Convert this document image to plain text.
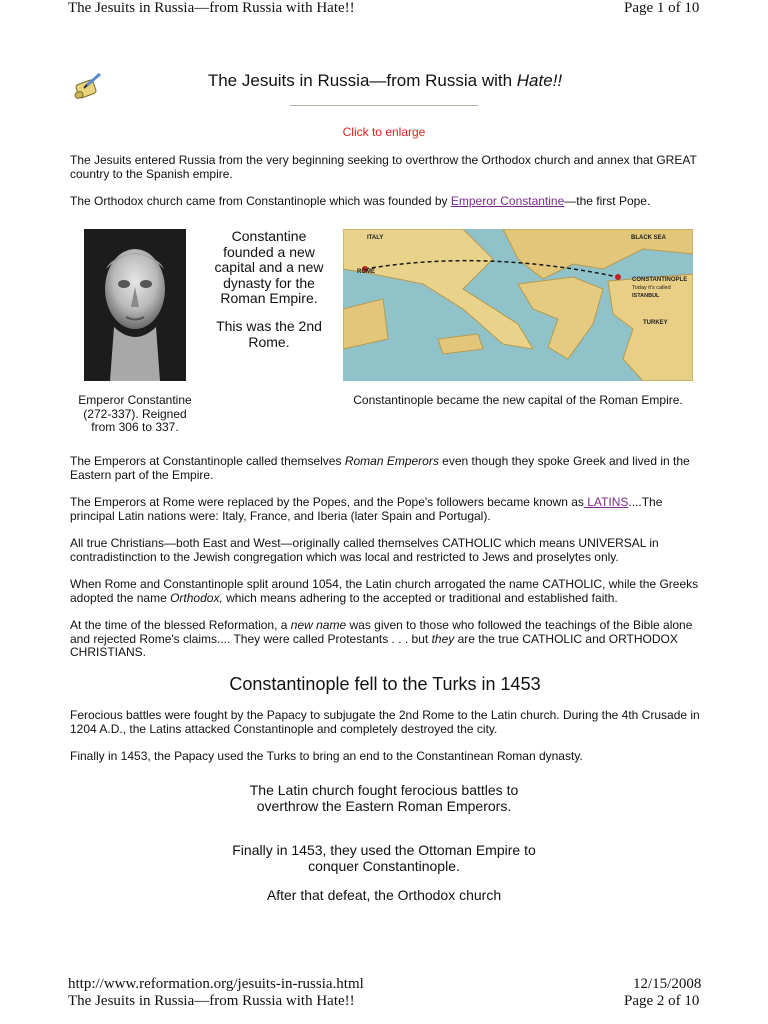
The Jesuits in Russia—from Russia with Hate!!	Page 1 of 10
The Jesuits in Russia—from Russia with Hate!!
Click to enlarge

The Jesuits entered Russia from the very beginning seeking to overthrow the Orthodox church and annex that GREAT country to the Spanish empire.

The Orthodox church came from Constantinople which was founded by Emperor Constantine—the first Pope.

Emperor Constantine (272-337). Reigned from 306 to 337.
Constantine founded a new capital and a new dynasty for the Roman Empire.
This was the 2nd Rome.
ITALY	BLACK SEA
ROME
CONSTANTINOPLE
Today it's called
ISTANBUL
TURKEY
Constantinople became the new capital of the Roman Empire.

The Emperors at Constantinople called themselves Roman Emperors even though they spoke Greek and lived in the Eastern part of the Empire.

The Emperors at Rome were replaced by the Popes, and the Pope's followers became known as LATINS....The principal Latin nations were: Italy, France, and Iberia (later Spain and Portugal).

All true Christians—both East and West—originally called themselves CATHOLIC which means UNIVERSAL in contradistinction to the Jewish congregation which was local and restricted to Jews and proselytes only.

When Rome and Constantinople split around 1054, the Latin church arrogated the name CATHOLIC, while the Greeks adopted the name Orthodox, which means adhering to the accepted or traditional and established faith.

At the time of the blessed Reformation, a new name was given to those who followed the teachings of the Bible alone and rejected Rome's claims.... They were called Protestants . . . but they are the true CATHOLIC and ORTHODOX CHRISTIANS.

Constantinople fell to the Turks in 1453

Ferocious battles were fought by the Papacy to subjugate the 2nd Rome to the Latin church. During the 4th Crusade in 1204 A.D., the Latins attacked Constantinople and completely destroyed the city.

Finally in 1453, the Papacy used the Turks to bring an end to the Constantinean Roman dynasty.

The Latin church fought ferocious battles to overthrow the Eastern Roman Emperors.
Finally in 1453, they used the Ottoman Empire to conquer Constantinople.
After that defeat, the Orthodox church
http://www.reformation.org/jesuits-in-russia.html	12/15/2008
The Jesuits in Russia—from Russia with Hate!!	Page 2 of 10
